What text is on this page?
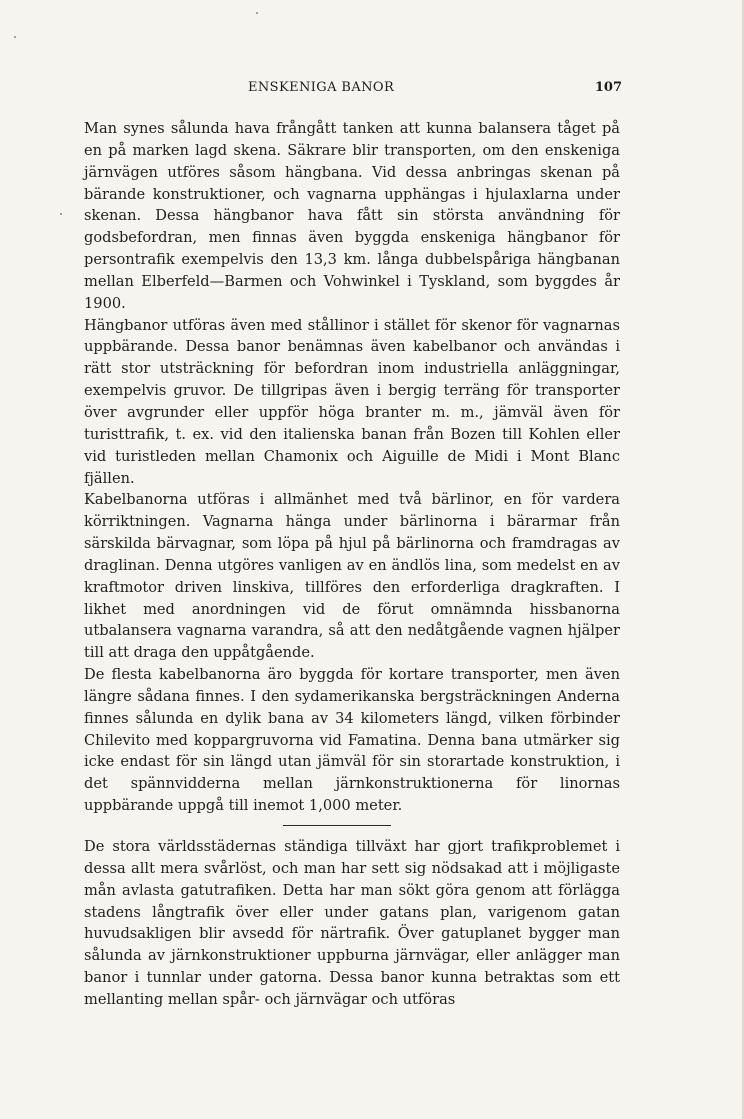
ENSKENIGA BANOR	107

Man synes sålunda hava frångått tanken att kunna balansera tåget på en på marken lagd skena. Säkrare blir transporten, om den enskeniga järnvägen utföres såsom hängbana. Vid dessa anbringas skenan på bärande konstruktioner, och vagnarna upphängas i hjulaxlarna under skenan. Dessa hängbanor hava fått sin största användning för godsbefordran, men finnas även byggda enskeniga hängbanor för persontrafik exempelvis den 13,3 km. långa dubbelspåriga hängbanan mellan Elberfeld—Barmen och Vohwinkel i Tyskland, som byggdes år 1900.

Hängbanor utföras även med stållinor i stället för skenor för vagnarnas uppbärande. Dessa banor benämnas även kabelbanor och användas i rätt stor utsträckning för befordran inom industriella anläggningar, exempelvis gruvor. De tillgripas även i bergig terräng för transporter över avgrunder eller uppför höga branter m. m., jämväl även för turisttrafik, t. ex. vid den italienska banan från Bozen till Kohlen eller vid turistleden mellan Chamonix och Aiguille de Midi i Mont Blanc fjällen.

Kabelbanorna utföras i allmänhet med två bärlinor, en för vardera körriktningen. Vagnarna hänga under bärlinorna i bärarmar från särskilda bärvagnar, som löpa på hjul på bärlinorna och framdragas av draglinan. Denna utgöres vanligen av en ändlös lina, som medelst en av kraftmotor driven linskiva, tillföres den erforderliga dragkraften. I likhet med anordningen vid de förut omnämnda hissbanorna utbalansera vagnarna varandra, så att den nedåtgående vagnen hjälper till att draga den uppåtgående.

De flesta kabelbanorna äro byggda för kortare transporter, men även längre sådana finnes. I den sydamerikanska bergsträckningen Anderna finnes sålunda en dylik bana av 34 kilometers längd, vilken förbinder Chilevito med koppargruvorna vid Famatina. Denna bana utmärker sig icke endast för sin längd utan jämväl för sin storartade konstruktion, i det spännvidderna mellan järnkonstruktionerna för linornas uppbärande uppgå till inemot 1,000 meter.

De stora världsstädernas ständiga tillväxt har gjort trafikproblemet i dessa allt mera svårlöst, och man har sett sig nödsakad att i möjligaste mån avlasta gatutrafiken. Detta har man sökt göra genom att förlägga stadens långtrafik över eller under gatans plan, varigenom gatan huvudsakligen blir avsedd för närtrafik. Över gatuplanet bygger man sålunda av järnkonstruktioner uppburna järnvägar, eller anlägger man banor i tunnlar under gatorna. Dessa banor kunna betraktas som ett mellanting mellan spår- och järnvägar och utföras
